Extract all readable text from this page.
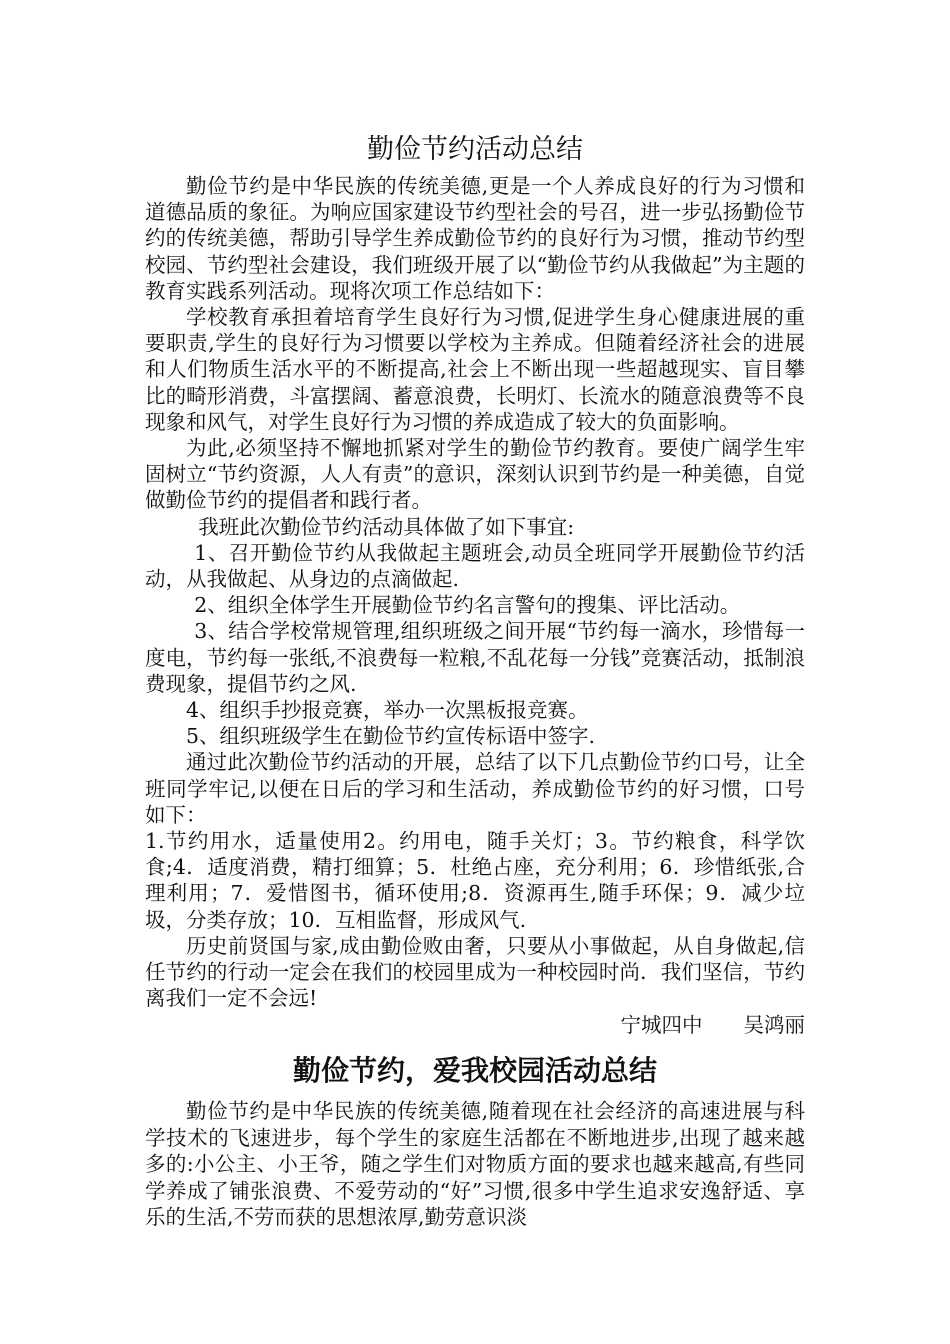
勤俭节约活动总结

勤俭节约是中华民族的传统美德,更是一个人养成良好的行为习惯和道德品质的象征。为响应国家建设节约型社会的号召，进一步弘扬勤俭节约的传统美德，帮助引导学生养成勤俭节约的良好行为习惯，推动节约型校园、节约型社会建设，我们班级开展了以“勤俭节约从我做起”为主题的教育实践系列活动。现将次项工作总结如下：

学校教育承担着培育学生良好行为习惯,促进学生身心健康进展的重要职责,学生的良好行为习惯要以学校为主养成。但随着经济社会的进展和人们物质生活水平的不断提高,社会上不断出现一些超越现实、盲目攀比的畸形消费，斗富摆阔、蓄意浪费，长明灯、长流水的随意浪费等不良现象和风气，对学生良好行为习惯的养成造成了较大的负面影响。

为此,必须坚持不懈地抓紧对学生的勤俭节约教育。要使广阔学生牢固树立“节约资源，人人有责”的意识，深刻认识到节约是一种美德，自觉做勤俭节约的提倡者和践行者。

我班此次勤俭节约活动具体做了如下事宜:

1、召开勤俭节约从我做起主题班会,动员全班同学开展勤俭节约活动，从我做起、从身边的点滴做起.

2、组织全体学生开展勤俭节约名言警句的搜集、评比活动。

3、结合学校常规管理,组织班级之间开展“节约每一滴水，珍惜每一度电，节约每一张纸,不浪费每一粒粮,不乱花每一分钱”竞赛活动，抵制浪费现象，提倡节约之风.

4、组织手抄报竞赛，举办一次黑板报竞赛。

5、组织班级学生在勤俭节约宣传标语中签字.

通过此次勤俭节约活动的开展，总结了以下几点勤俭节约口号，让全班同学牢记,以便在日后的学习和生活动，养成勤俭节约的好习惯，口号如下：

1.节约用水，适量使用2。约用电，随手关灯；3。节约粮食，科学饮食;4．适度消费，精打细算；5．杜绝占座，充分利用；6．珍惜纸张,合理利用；7．爱惜图书，循环使用;8．资源再生,随手环保；9．减少垃圾，分类存放；10．互相监督，形成风气.

历史前贤国与家,成由勤俭败由奢，只要从小事做起，从自身做起,信任节约的行动一定会在我们的校园里成为一种校园时尚．我们坚信，节约离我们一定不会远!

宁城四中　　吴鸿丽

勤俭节约，爱我校园活动总结

勤俭节约是中华民族的传统美德,随着现在社会经济的高速进展与科学技术的飞速进步，每个学生的家庭生活都在不断地进步,出现了越来越多的:小公主、小王爷，随之学生们对物质方面的要求也越来越高,有些同学养成了铺张浪费、不爱劳动的“好”习惯,很多中学生追求安逸舒适、享乐的生活,不劳而获的思想浓厚,勤劳意识淡
